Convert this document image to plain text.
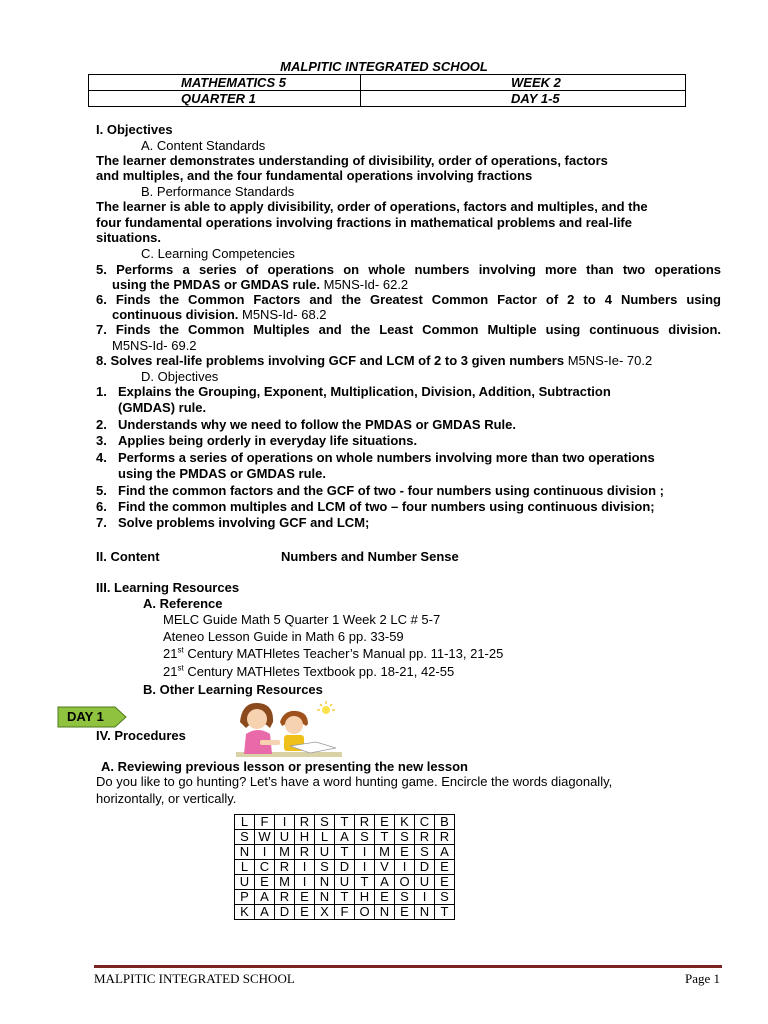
MALPITIC INTEGRATED SCHOOL
MATHEMATICS 5	WEEK 2
QUARTER 1	DAY 1-5
I. Objectives
A. Content Standards
The learner demonstrates understanding of divisibility, order of operations, factors
and multiples, and the four fundamental operations involving fractions
B. Performance Standards
The learner is able to apply divisibility, order of operations, factors and multiples, and the
four fundamental operations involving fractions in mathematical problems and real-life
situations.
C. Learning Competencies
5. Performs a series of operations on whole numbers involving more than two operations
using the PMDAS or GMDAS rule. M5NS-Id- 62.2
6. Finds the Common Factors and the Greatest Common Factor of 2 to 4 Numbers using
continuous division. M5NS-Id- 68.2
7. Finds the Common Multiples and the Least Common Multiple using continuous division.
M5NS-Id- 69.2
8. Solves real-life problems involving GCF and LCM of 2 to 3 given numbers M5NS-Ie- 70.2
D. Objectives
1. Explains the Grouping, Exponent, Multiplication, Division, Addition, Subtraction
(GMDAS) rule.
2. Understands why we need to follow the PMDAS or GMDAS Rule.
3. Applies being orderly in everyday life situations.
4. Performs a series of operations on whole numbers involving more than two operations
using the PMDAS or GMDAS rule.
5. Find the common factors and the GCF of two - four numbers using continuous division ;
6. Find the common multiples and LCM of two – four numbers using continuous division;
7. Solve problems involving GCF and LCM;
II. Content	Numbers and Number Sense
III. Learning Resources
A. Reference
MELC Guide Math 5 Quarter 1 Week 2 LC # 5-7
Ateneo Lesson Guide in Math 6 pp. 33-59
21st Century MATHletes Teacher’s Manual pp. 11-13, 21-25
21st Century MATHletes Textbook pp. 18-21, 42-55
B. Other Learning Resources
DAY 1
IV. Procedures
A. Reviewing previous lesson or presenting the new lesson
Do you like to go hunting? Let’s have a word hunting game. Encircle the words diagonally,
horizontally, or vertically.
L	F	I	R	S	T	R	E	K	C	B
S	W	U	H	L	A	S	T	S	R	R
N	I	M	R	U	T	I	M	E	S	A
L	C	R	I	S	D	I	V	I	D	E
U	E	M	I	N	U	T	A	O	U	E
P	A	R	E	N	T	H	E	S	I	S
K	A	D	E	X	F	O	N	E	N	T
MALPITIC INTEGRATED SCHOOL	Page 1
